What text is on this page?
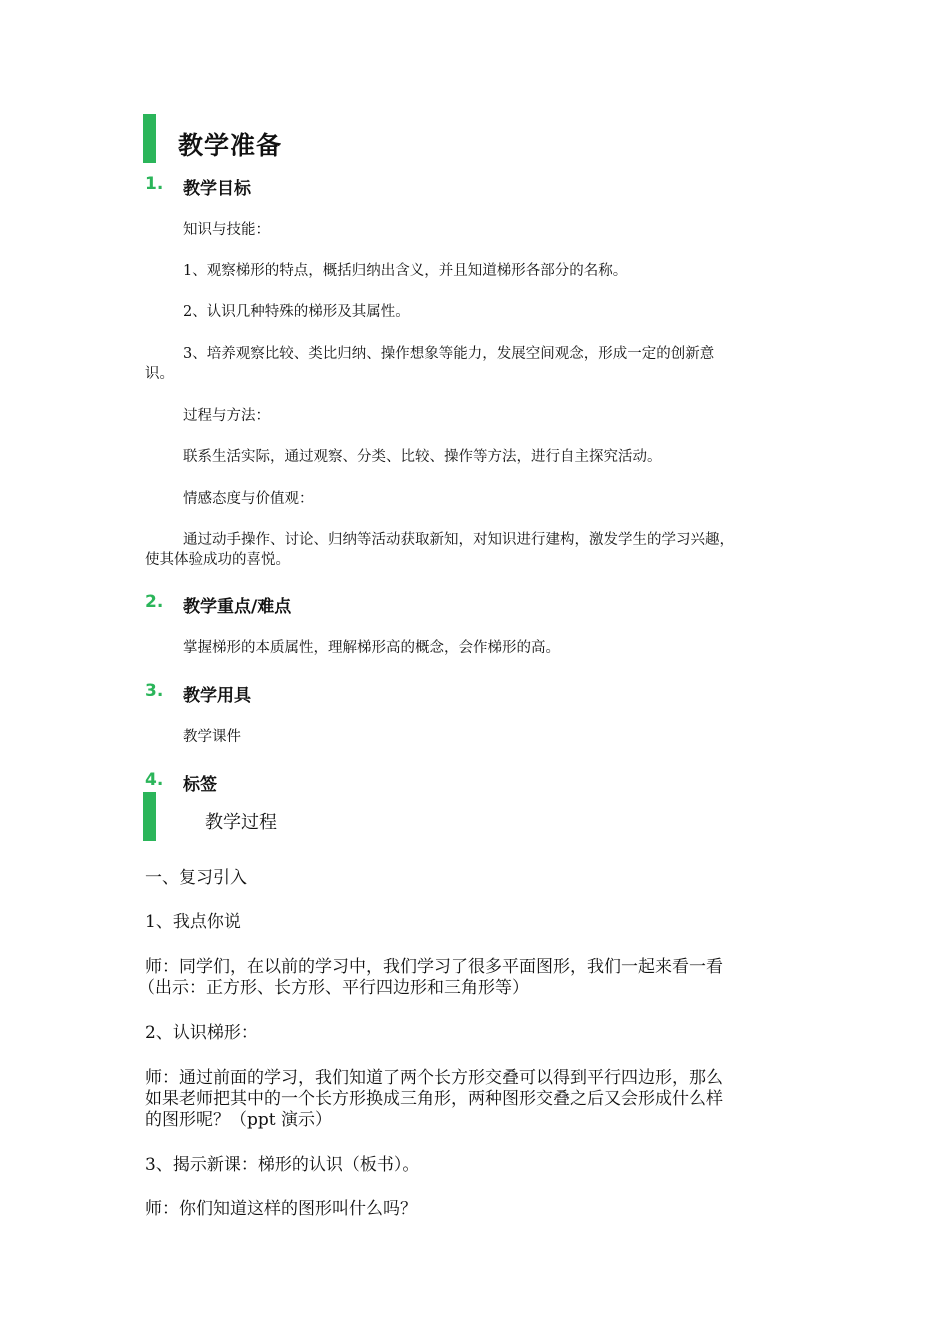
教学准备
1. 教学目标
知识与技能：
1、观察梯形的特点，概括归纳出含义，并且知道梯形各部分的名称。
2、认识几种特殊的梯形及其属性。
3、培养观察比较、类比归纳、操作想象等能力，发展空间观念，形成一定的创新意
识。
过程与方法：
联系生活实际，通过观察、分类、比较、操作等方法，进行自主探究活动。
情感态度与价值观：
通过动手操作、讨论、归纳等活动获取新知，对知识进行建构，激发学生的学习兴趣，
使其体验成功的喜悦。
2. 教学重点/难点
掌握梯形的本质属性，理解梯形高的概念，会作梯形的高。
3. 教学用具
教学课件
4. 标签
教学过程
一、复习引入
1、我点你说
师：同学们，在以前的学习中，我们学习了很多平面图形，我们一起来看一看
（出示：正方形、长方形、平行四边形和三角形等）
2、认识梯形：
师：通过前面的学习，我们知道了两个长方形交叠可以得到平行四边形，那么
如果老师把其中的一个长方形换成三角形，两种图形交叠之后又会形成什么样
的图形呢？（ppt 演示）
3、揭示新课：梯形的认识（板书）。
师：你们知道这样的图形叫什么吗？
